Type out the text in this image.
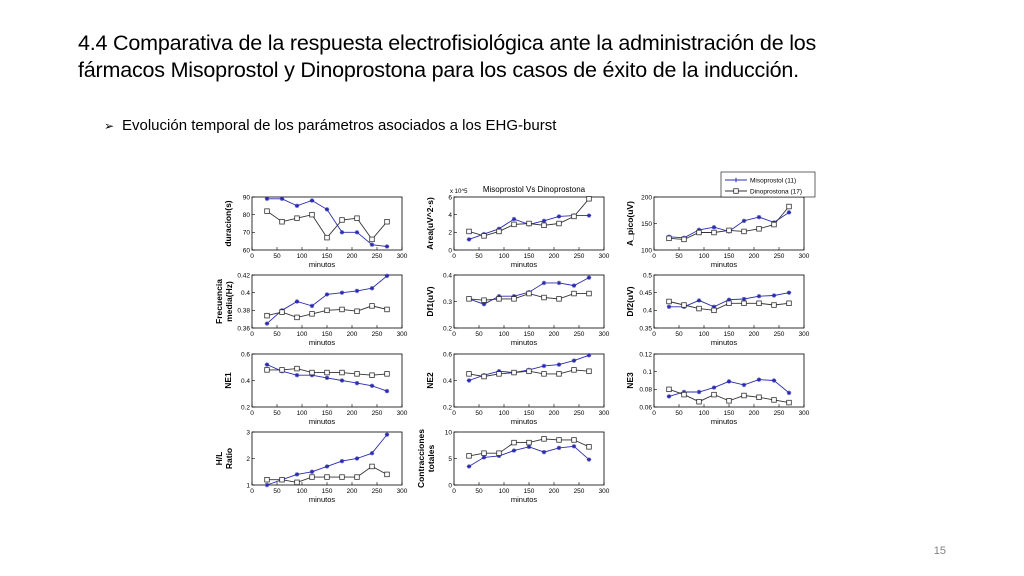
4.4 Comparativa de la respuesta electrofisiológica ante la administración de los
fármacos Misoprostol y Dinoprostona para los casos de éxito de la inducción.
➢ Evolución temporal de los parámetros asociados a los EHG-burst
0	50 100 150 200 250 300
60
70
80
90
minutos
duracion(s)
0	50 100 150 200 250 300
0
2
4
6
minutos
Area(uV^2·s)
x 10^5
0	50 100 150 200 250 300
100
150
200
minutos
A_pico(uV)
0	50 100 150 200 250 300
0.36
0.38
0.4
0.42
minutos
Frecuencia media(Hz)
0	50 100 150 200 250 300
0.2
0.3
0.4
minutos
Df1(uV)
0	50 100 150 200 250 300
0.35
0.4
0.45
0.5
minutos
Df2(uV)
0	50 100 150 200 250 300
0.2
0.4
0.6
minutos
NE1
0	50 100 150 200 250 300
0.2
0.4
0.6
minutos
NE2
0	50 100 150 200 250 300
0.06
0.08
0.1
0.12
minutos
NE3
0	50 100 150 200 250 300
1
2
3
minutos
H/L Ratio
0	50 100 150 200 250 300
0
5
10
minutos
Contracciones totales
Misoprostol Vs Dinoprostona
Misoprostol (11)
Dinoprostona (17)
15
